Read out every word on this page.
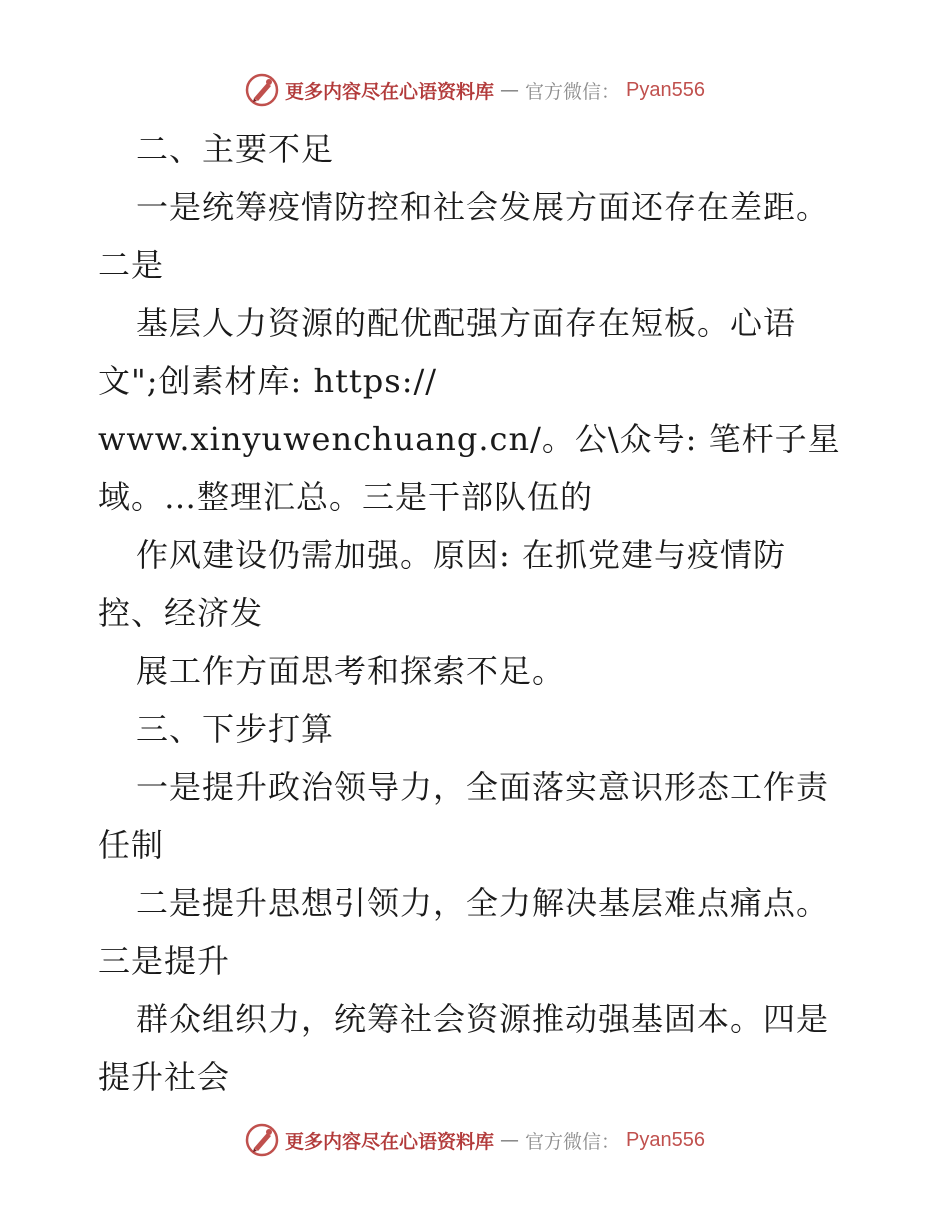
更多内容尽在心语资料库 — 官方微信： Pyan556
二、主要不足
一是统筹疫情防控和社会发展方面还存在差距。
二是
基层人力资源的配优配强方面存在短板。心语
文";创素材库: https://
www.xinyuwenchuang.cn/。公\众号: 笔杆子星
域。…整理汇总。三是干部队伍的
作风建设仍需加强。原因: 在抓党建与疫情防
控、经济发
展工作方面思考和探索不足。
三、下步打算
一是提升政治领导力，全面落实意识形态工作责
任制
二是提升思想引领力，全力解决基层难点痛点。
三是提升
群众组织力，统筹社会资源推动强基固本。四是
提升社会
更多内容尽在心语资料库 — 官方微信： Pyan556
